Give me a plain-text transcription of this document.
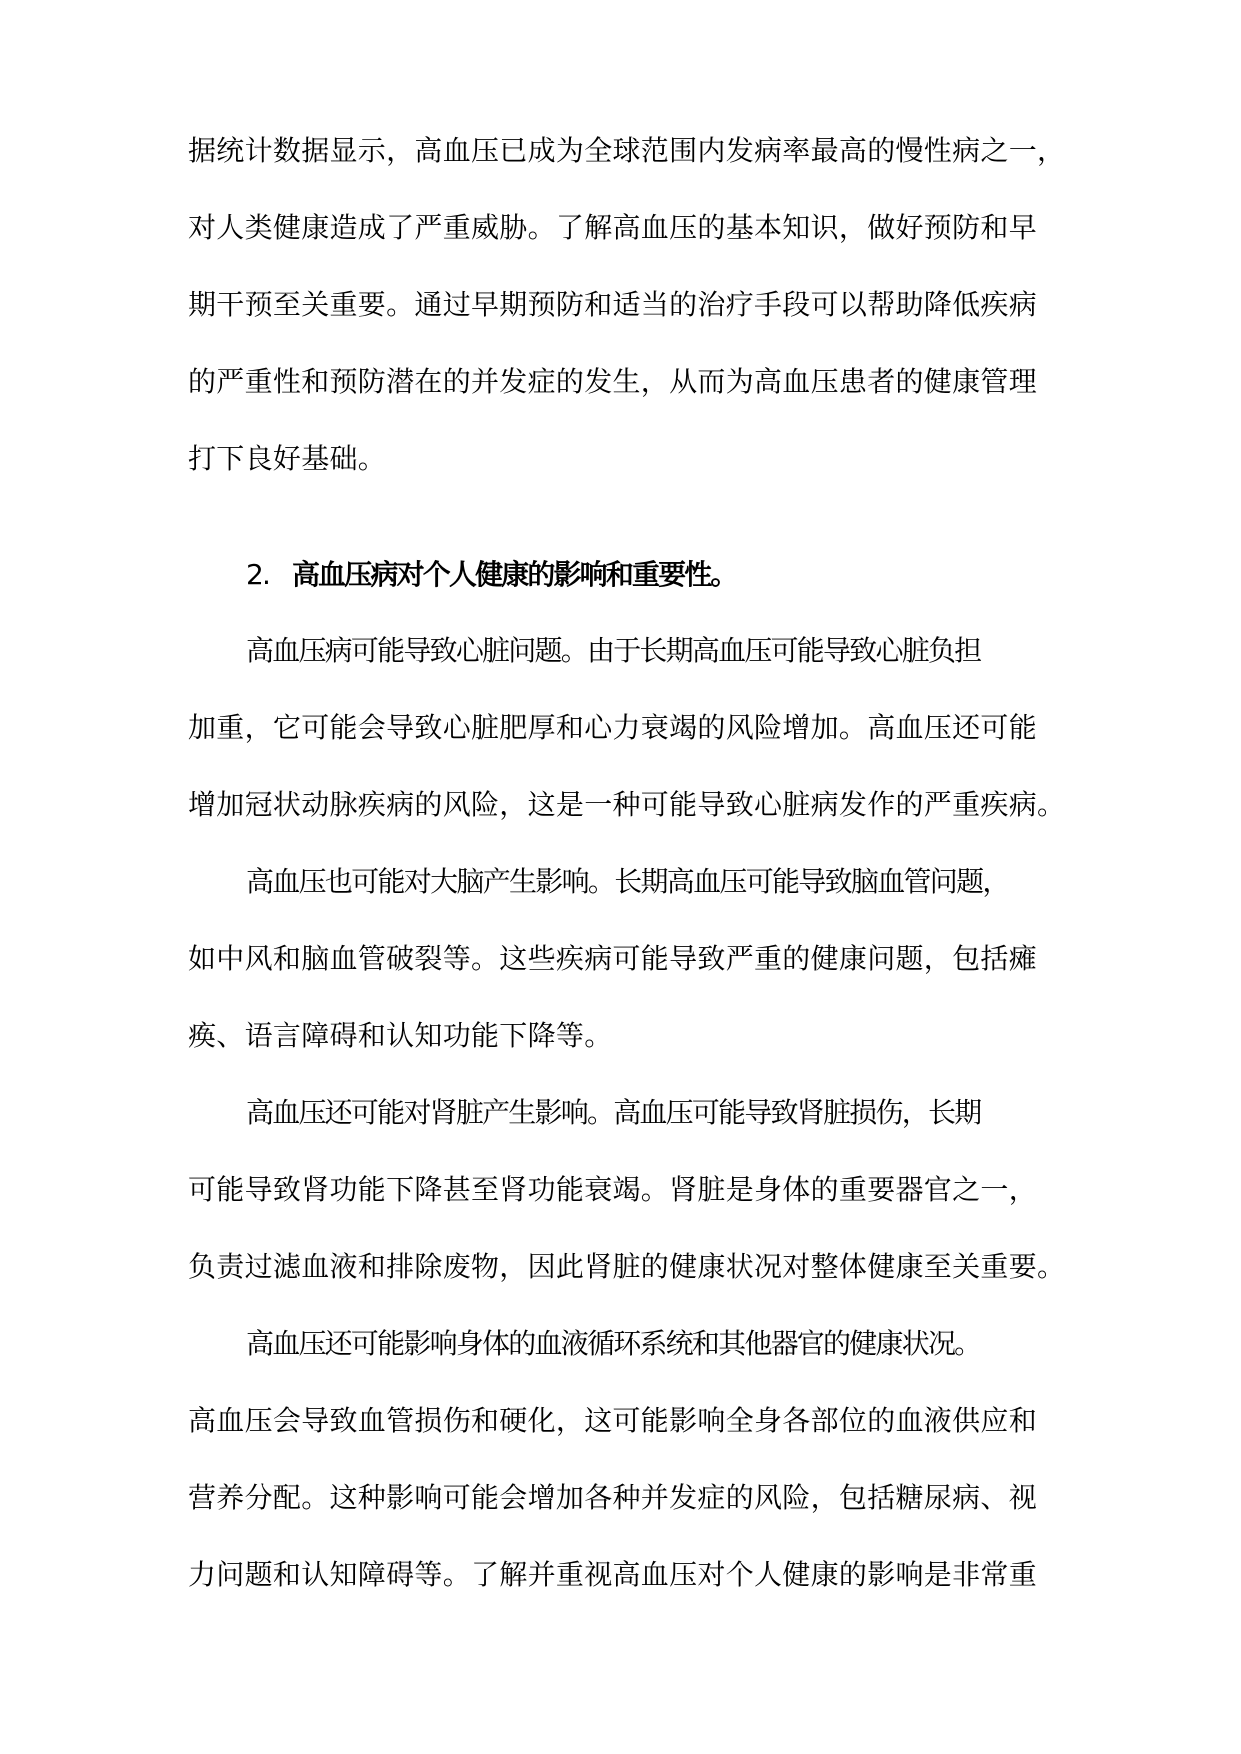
据统计数据显示，高血压已成为全球范围内发病率最高的慢性病之一，
对人类健康造成了严重威胁。了解高血压的基本知识，做好预防和早
期干预至关重要。通过早期预防和适当的治疗手段可以帮助降低疾病
的严重性和预防潜在的并发症的发生，从而为高血压患者的健康管理
打下良好基础。
2. 高血压病对个人健康的影响和重要性。
高血压病可能导致心脏问题。由于长期高血压可能导致心脏负担
加重，它可能会导致心脏肥厚和心力衰竭的风险增加。高血压还可能
增加冠状动脉疾病的风险，这是一种可能导致心脏病发作的严重疾病。
高血压也可能对大脑产生影响。长期高血压可能导致脑血管问题，
如中风和脑血管破裂等。这些疾病可能导致严重的健康问题，包括瘫
痪、语言障碍和认知功能下降等。
高血压还可能对肾脏产生影响。高血压可能导致肾脏损伤，长期
可能导致肾功能下降甚至肾功能衰竭。肾脏是身体的重要器官之一，
负责过滤血液和排除废物，因此肾脏的健康状况对整体健康至关重要。
高血压还可能影响身体的血液循环系统和其他器官的健康状况。
高血压会导致血管损伤和硬化，这可能影响全身各部位的血液供应和
营养分配。这种影响可能会增加各种并发症的风险，包括糖尿病、视
力问题和认知障碍等。了解并重视高血压对个人健康的影响是非常重
